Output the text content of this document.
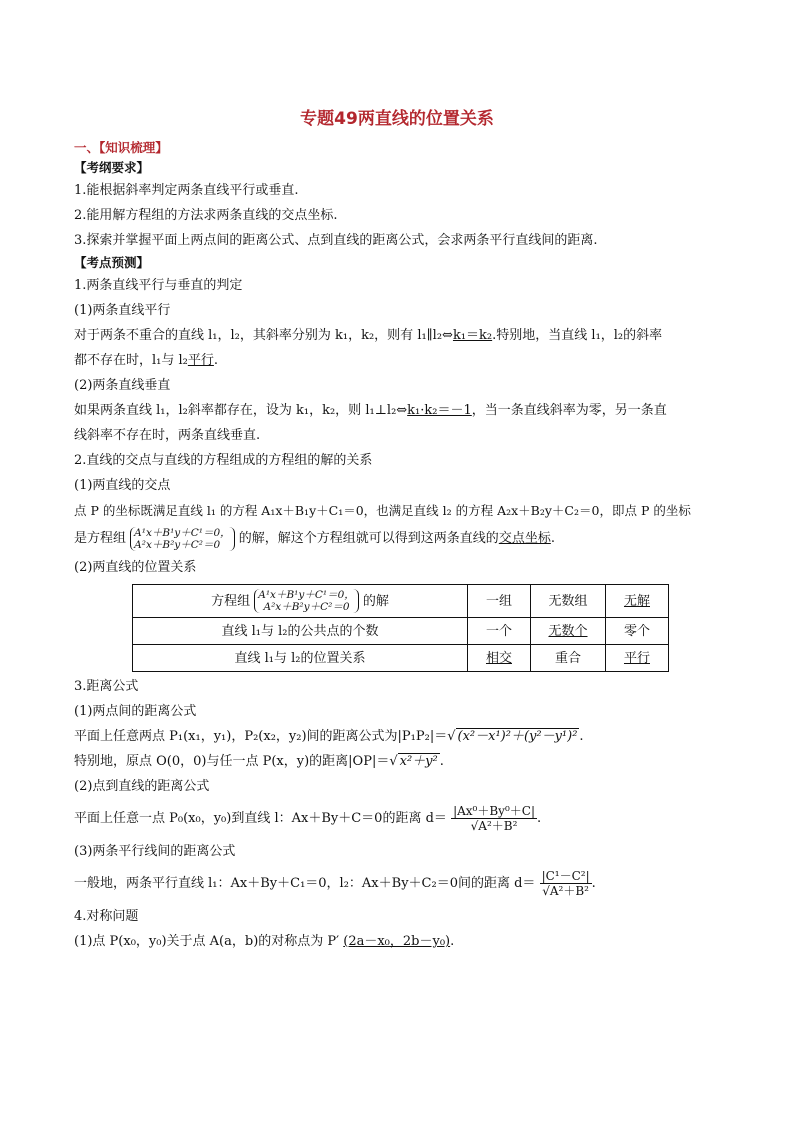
专题49两直线的位置关系
一、【知识梳理】
【考纲要求】
1.能根据斜率判定两条直线平行或垂直.
2.能用解方程组的方法求两条直线的交点坐标.
3.探索并掌握平面上两点间的距离公式、点到直线的距离公式，会求两条平行直线间的距离.
【考点预测】
1.两条直线平行与垂直的判定
(1)两条直线平行
对于两条不重合的直线 l₁，l₂，其斜率分别为 k₁，k₂，则有 l₁∥l₂⇔k₁＝k₂.特别地，当直线 l₁，l₂的斜率
都不存在时，l₁与 l₂平行.
(2)两条直线垂直
如果两条直线 l₁，l₂斜率都存在，设为 k₁，k₂，则 l₁⊥l₂⇔k₁·k₂＝－1，当一条直线斜率为零，另一条直
线斜率不存在时，两条直线垂直.
2.直线的交点与直线的方程组成的方程组的解的关系
(1)两直线的交点
点 P 的坐标既满足直线 l₁ 的方程 A₁x＋B₁y＋C₁＝0，也满足直线 l₂ 的方程 A₂x＋B₂y＋C₂＝0，即点 P 的坐标
是方程组 A¹x＋B¹y＋C¹＝0，
A²x＋B²y＋C²＝0	的解，解这个方程组就可以得到这两条直线的交点坐标.
(2)两直线的位置关系
方程组 A¹x＋B¹y＋C¹＝0，
A²x＋B²y＋C²＝0 的解	一组	无数组	无解
直线 l₁与 l₂的公共点的个数	一个	无数个	零个
直线 l₁与 l₂的位置关系	相交	重合	平行
3.距离公式
(1)两点间的距离公式
平面上任意两点 P₁(x₁，y₁)，P₂(x₂，y₂)间的距离公式为|P₁P₂|＝√ (x²－x¹)²＋(y²－y¹)² .
特别地，原点 O(0，0)与任一点 P(x，y)的距离|OP|＝√ x²＋y² .
(2)点到直线的距离公式
平面上任意一点 P₀(x₀，y₀)到直线 l：Ax＋By＋C＝0的距离 $d= \frac{\text{|Ax⁰＋By⁰＋C|}}{\text{√A²＋B²}}$ .
(3)两条平行线间的距离公式
一般地，两条平行直线 l₁：Ax＋By＋C₁＝0，l₂：Ax＋By＋C₂＝0间的距离 $d= \frac{\text{|C¹－C²|}}{\text{√A²＋B²}}$ .
4.对称问题
(1)点 P(x₀，y₀)关于点 A(a，b)的对称点为 P′ (2a－x₀，2b－y₀).
